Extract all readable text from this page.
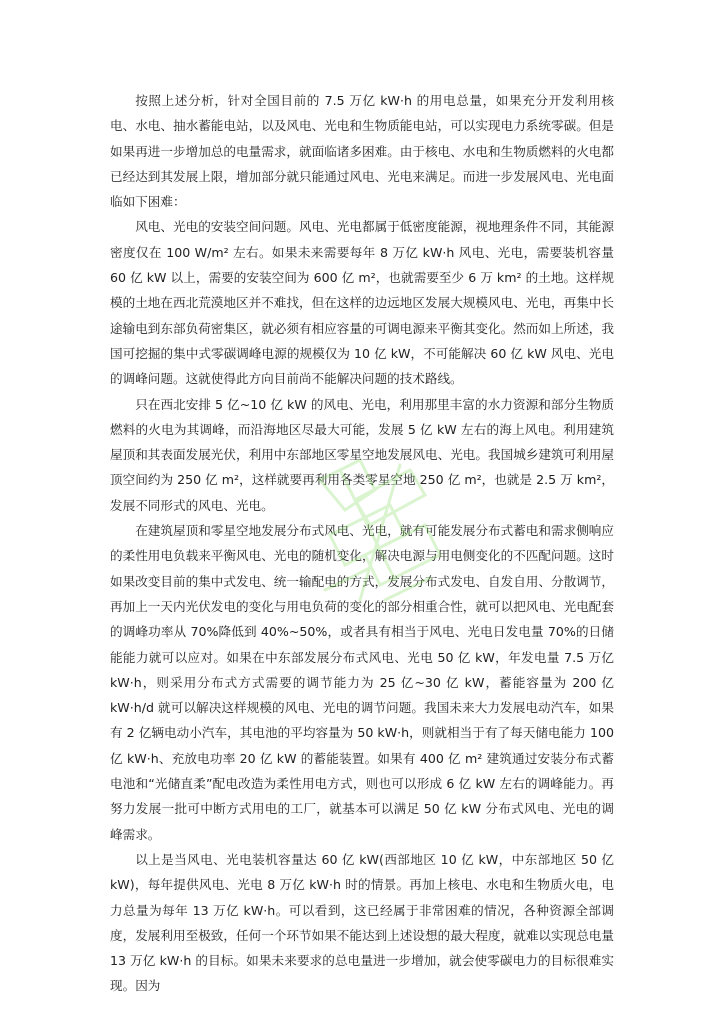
按照上述分析，针对全国目前的 7.5 万亿 kW·h 的用电总量，如果充分开发利用核电、水电、抽水蓄能电站，以及风电、光电和生物质能电站，可以实现电力系统零碳。但是如果再进一步增加总的电量需求，就面临诸多困难。由于核电、水电和生物质燃料的火电都已经达到其发展上限，增加部分就只能通过风电、光电来满足。而进一步发展风电、光电面临如下困难：

风电、光电的安装空间问题。风电、光电都属于低密度能源，视地理条件不同，其能源密度仅在 100 W/m² 左右。如果未来需要每年 8 万亿 kW·h 风电、光电，需要装机容量 60 亿 kW 以上，需要的安装空间为 600 亿 m²，也就需要至少 6 万 km² 的土地。这样规模的土地在西北荒漠地区并不难找，但在这样的边远地区发展大规模风电、光电，再集中长途输电到东部负荷密集区，就必须有相应容量的可调电源来平衡其变化。然而如上所述，我国可挖掘的集中式零碳调峰电源的规模仅为 10 亿 kW，不可能解决 60 亿 kW 风电、光电的调峰问题。这就使得此方向目前尚不能解决问题的技术路线。

只在西北安排 5 亿~10 亿 kW 的风电、光电，利用那里丰富的水力资源和部分生物质燃料的火电为其调峰，而沿海地区尽最大可能，发展 5 亿 kW 左右的海上风电。利用建筑屋顶和其表面发展光伏，利用中东部地区零星空地发展风电、光电。我国城乡建筑可利用屋顶空间约为 250 亿 m²，这样就要再利用各类零星空地 250 亿 m²，也就是 2.5 万 km²，发展不同形式的风电、光电。

在建筑屋顶和零星空地发展分布式风电、光电，就有可能发展分布式蓄电和需求侧响应的柔性用电负载来平衡风电、光电的随机变化，解决电源与用电侧变化的不匹配问题。这时如果改变目前的集中式发电、统一输配电的方式，发展分布式发电、自发自用、分散调节，再加上一天内光伏发电的变化与用电负荷的变化的部分相重合性，就可以把风电、光电配套的调峰功率从 70%降低到 40%~50%，或者具有相当于风电、光电日发电量 70%的日储能能力就可以应对。如果在中东部发展分布式风电、光电 50 亿 kW，年发电量 7.5 万亿 kW·h，则采用分布式方式需要的调节能力为 25 亿~30 亿 kW，蓄能容量为 200 亿 kW·h/d 就可以解决这样规模的风电、光电的调节问题。我国未来大力发展电动汽车，如果有 2 亿辆电动小汽车，其电池的平均容量为 50 kW·h，则就相当于有了每天储电能力 100 亿 kW·h、充放电功率 20 亿 kW 的蓄能装置。如果有 400 亿 m² 建筑通过安装分布式蓄电池和“光储直柔”配电改造为柔性用电方式，则也可以形成 6 亿 kW 左右的调峰能力。再努力发展一批可中断方式用电的工厂，就基本可以满足 50 亿 kW 分布式风电、光电的调峰需求。

以上是当风电、光电装机容量达 60 亿 kW(西部地区 10 亿 kW，中东部地区 50 亿 kW)，每年提供风电、光电 8 万亿 kW·h 时的情景。再加上核电、水电和生物质火电，电力总量为每年 13 万亿 kW·h。可以看到，这已经属于非常困难的情况，各种资源全部调度，发展利用至极致，任何一个环节如果不能达到上述设想的最大程度，就难以实现总电量 13 万亿 kW·h 的目标。如果未来要求的总电量进一步增加，就会使零碳电力的目标很难实现。因为
